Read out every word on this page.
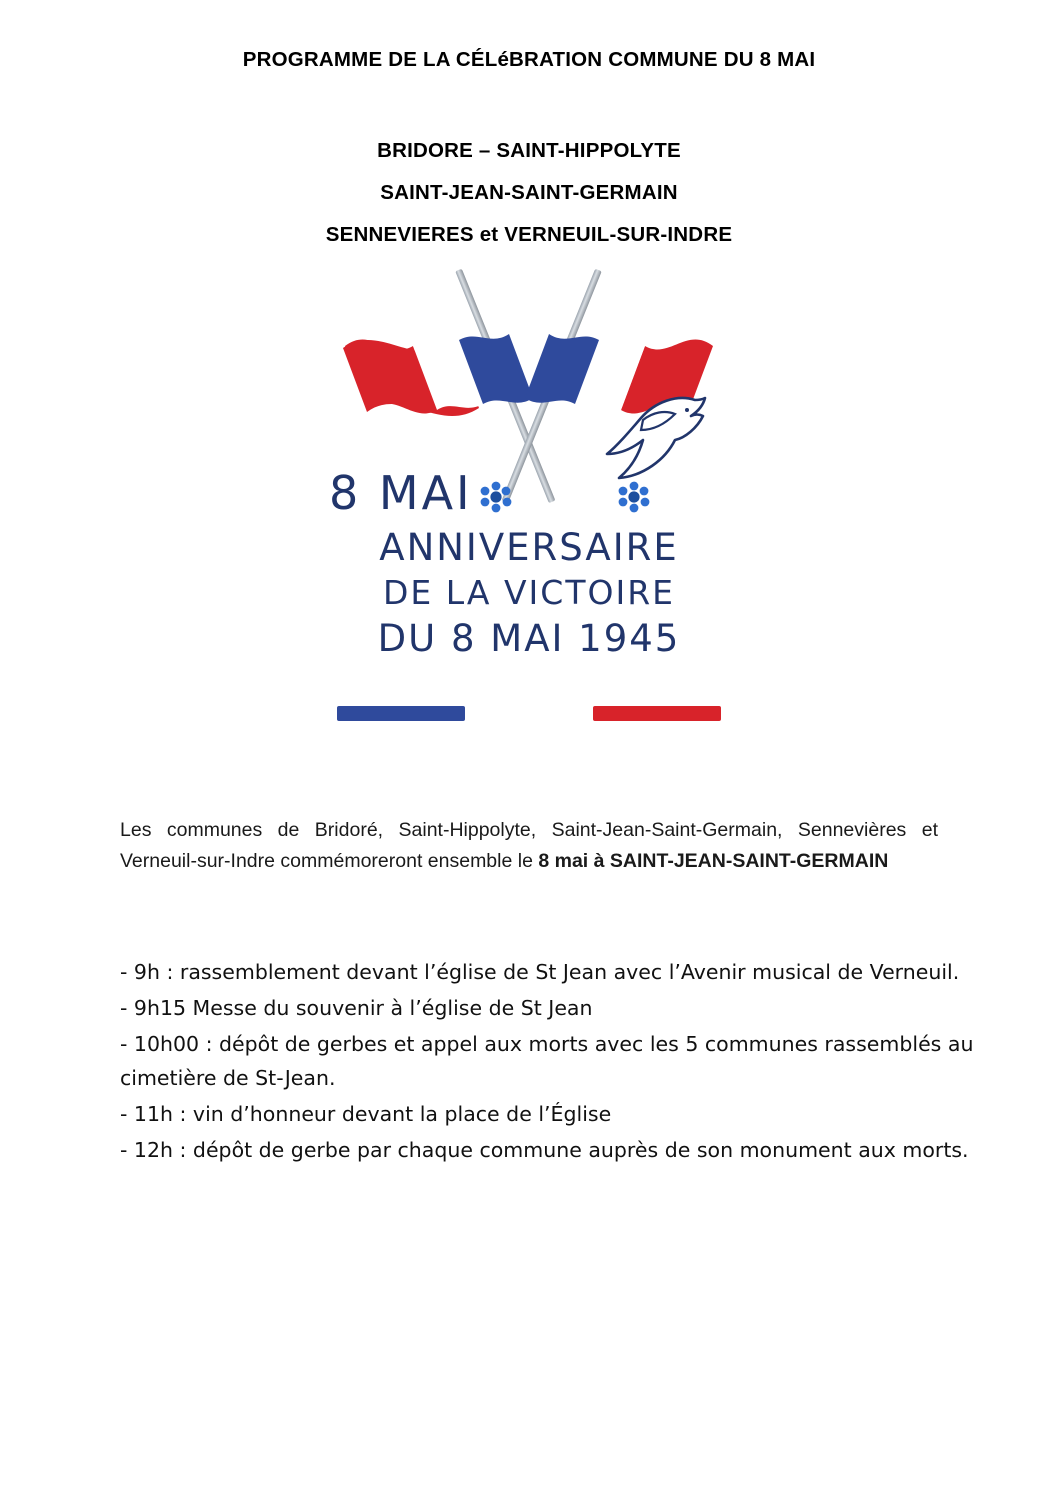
PROGRAMME DE LA CÉLéBRATION COMMUNE DU 8 MAI
BRIDORE – SAINT-HIPPOLYTE
SAINT-JEAN-SAINT-GERMAIN
SENNEVIERES et VERNEUIL-SUR-INDRE
8 MAI
ANNIVERSAIRE
DE LA VICTOIRE
DU 8 MAI 1945
Les communes de Bridoré, Saint-Hippolyte, Saint-Jean-Saint-Germain, Sennevières et Verneuil-sur-Indre commémoreront ensemble le 8 mai à SAINT-JEAN-SAINT-GERMAIN

- 9h : rassemblement devant l’église de St Jean avec l’Avenir musical de Verneuil.

- 9h15 Messe du souvenir à l’église de St Jean

- 10h00 : dépôt de gerbes et appel aux morts avec les 5 communes rassemblés au cimetière de St-Jean.

- 11h : vin d’honneur devant la place de l’Église

- 12h : dépôt de gerbe par chaque commune auprès de son monument aux morts.
